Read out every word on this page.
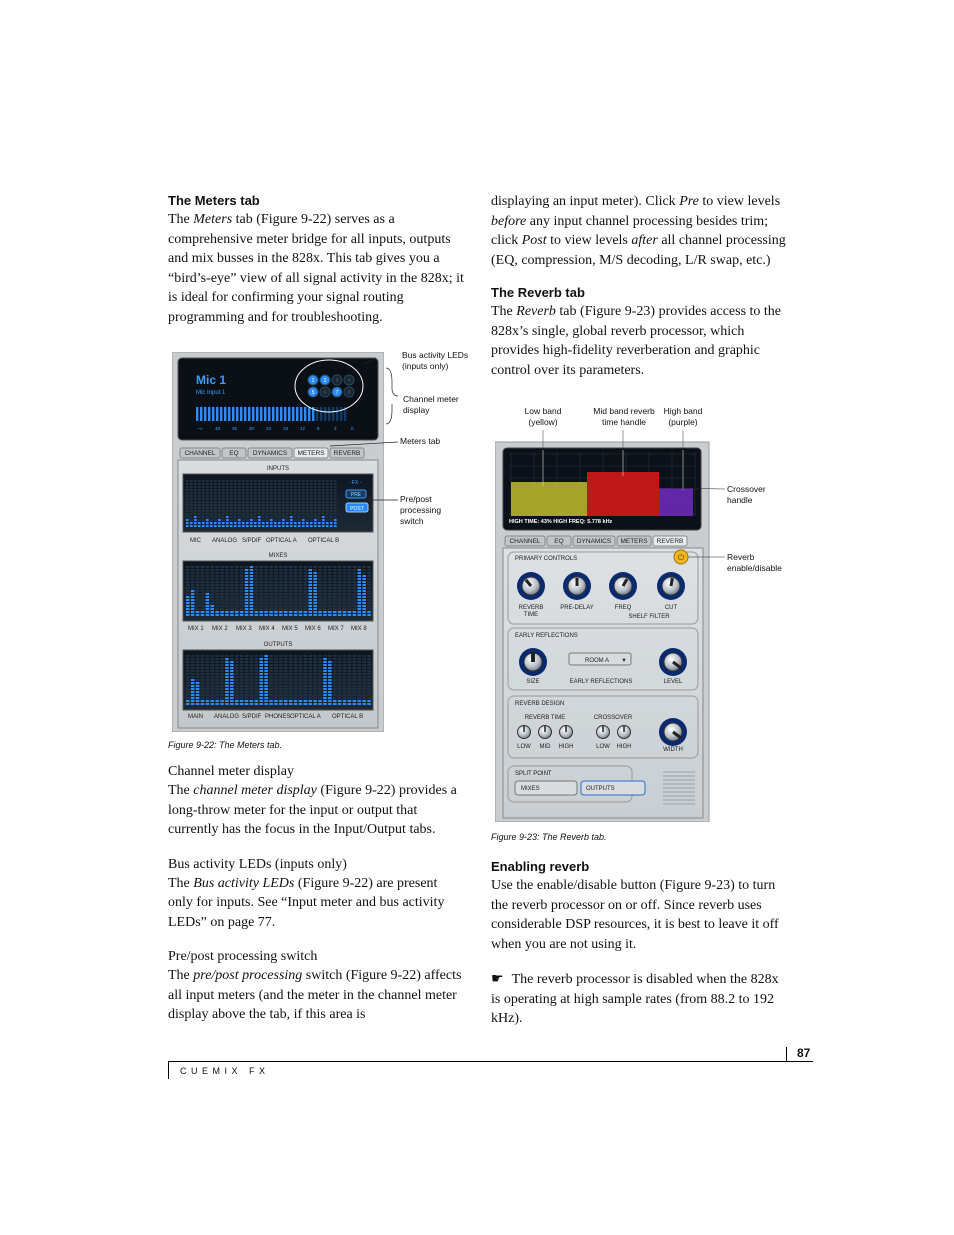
The Meters tab

The Meters tab (Figure 9-22) serves as a comprehensive meter bridge for all inputs, outputs and mix busses in the 828x. This tab gives you a “bird’s-eye” view of all signal activity in the 828x; it is ideal for confirming your signal routing programming and for troubleshooting.

Mic 1
Mic Input 1
-∞	48	36	30	24	18	12	6	3	0
1 2 3 4
5 6 7 8
CHANNEL EQ DYNAMICS METERS REVERB
INPUTS
- FX -
PRE
POST
MIC ANALOG S/PDIF OPTICAL A OPTICAL B
MIXES
MIX 1 MIX 2 MIX 3 MIX 4 MIX 5 MIX 6 MIX 7 MIX 8
OUTPUTS
MAIN ANALOG S/PDIF PHONES OPTICAL A OPTICAL B
Bus activity LEDs (inputs only)
Channel meter display
Meters tab
Pre/post processing switch
Figure 9-22: The Meters tab.
Channel meter display

The channel meter display (Figure 9-22) provides a long-throw meter for the input or output that currently has the focus in the Input/Output tabs.

Bus activity LEDs (inputs only)

The Bus activity LEDs (Figure 9-22) are present only for inputs. See “Input meter and bus activity LEDs” on page 77.

Pre/post processing switch

The pre/post processing switch (Figure 9-22) affects all input meters (and the meter in the channel meter display above the tab, if this area is

displaying an input meter). Click Pre to view levels before any input channel processing besides trim; click Post to view levels after all channel processing (EQ, compression, M/S decoding, L/R swap, etc.)

The Reverb tab

The Reverb tab (Figure 9-23) provides access to the 828x’s single, global reverb processor, which provides high-fidelity reverberation and graphic control over its parameters.

Low band (yellow)
Mid band reverb time handle
High band (purple)
Crossover handle
Reverb enable/disable
HIGH TIME: 43% HIGH FREQ: 5.778 kHz
CHANNEL EQ DYNAMICS METERS REVERB
PRIMARY CONTROLS	⏻
REVERB
TIME
PRE-DELAY	FREQ	CUT
SHELF FILTER
EARLY REFLECTIONS
SIZE
ROOM A ▼
EARLY REFLECTIONS	LEVEL
REVERB DESIGN
REVERB TIME	CROSSOVER
LOW MID HIGH	LOW HIGH	WIDTH
SPLIT POINT
MIXES	OUTPUTS
Figure 9-23: The Reverb tab.
Enabling reverb

Use the enable/disable button (Figure 9-23) to turn the reverb processor on or off. Since reverb uses considerable DSP resources, it is best to leave it off when you are not using it.

☛ The reverb processor is disabled when the 828x is operating at high sample rates (from 88.2 to 192 kHz).

87
C U E M I X   F X
